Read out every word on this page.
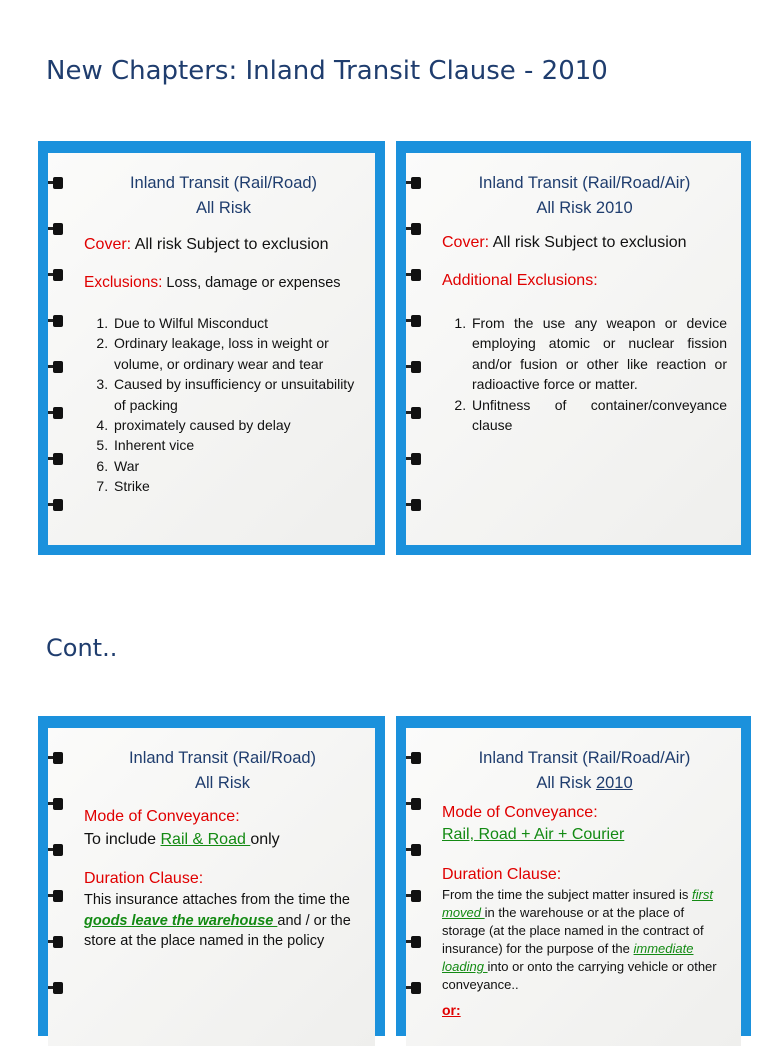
New Chapters: Inland Transit Clause - 2010
Inland Transit (Rail/Road)
All Risk
Cover: All risk Subject to exclusion
Exclusions: Loss, damage or expenses
1. Due to Wilful Misconduct
2. Ordinary leakage, loss in weight or volume, or ordinary wear and tear
3. Caused by insufficiency or unsuitability of packing
4. proximately caused by delay
5. Inherent vice
6. War
7. Strike
Inland Transit (Rail/Road/Air)
All Risk 2010
Cover: All risk Subject to exclusion
Additional Exclusions:
1. From the use any weapon or device employing atomic or nuclear fission and/or fusion or other like reaction or radioactive force or matter.
2. Unfitness of container/conveyance clause
Cont..
Inland Transit (Rail/Road)
All Risk
Mode of Conveyance:
To include Rail & Road only
Duration Clause:
This insurance attaches from the time the goods leave the warehouse and / or the store at the place named in the policy
Inland Transit (Rail/Road/Air)
All Risk 2010
Mode of Conveyance:
Rail, Road + Air + Courier
Duration Clause:
From the time the subject matter insured is first moved in the warehouse or at the place of storage (at the place named in the contract of insurance) for the purpose of the immediate loading into or onto the carrying vehicle or other conveyance..
or:
